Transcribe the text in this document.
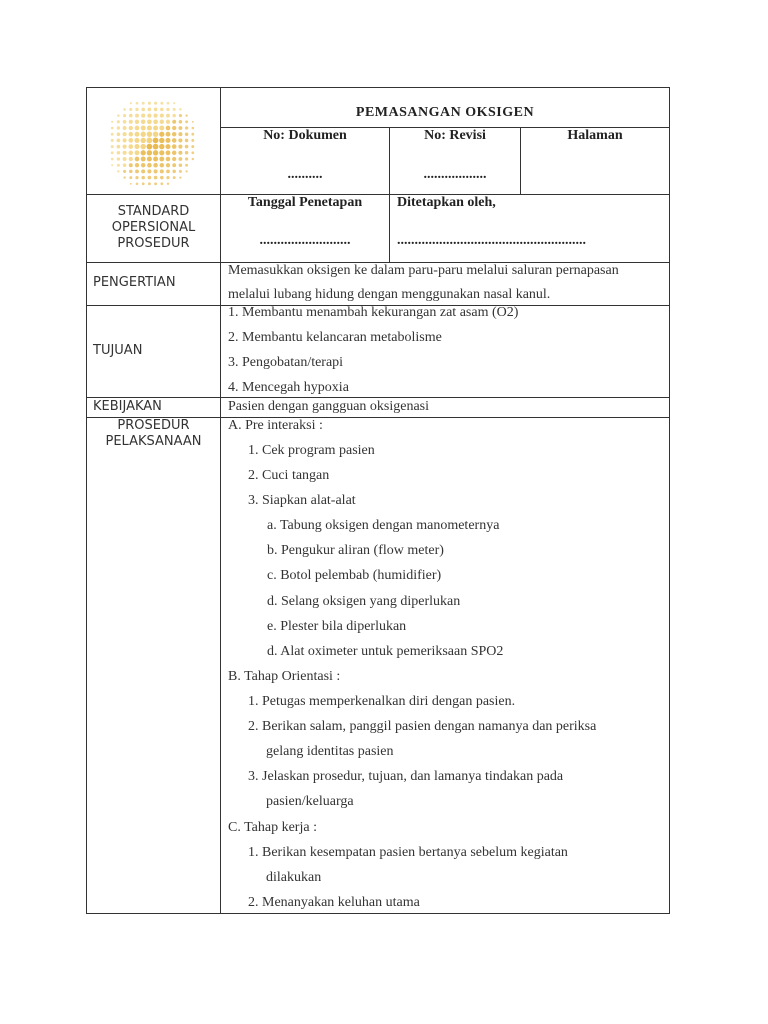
PEMASANGAN OKSIGEN
No: Dokumen
..........
No: Revisi
..................
Halaman
STANDARD
OPERSIONAL
PROSEDUR
Tanggal Penetapan
..........................
Ditetapkan oleh,
......................................................
PENGERTIAN
Memasukkan oksigen ke dalam paru-paru melalui saluran pernapasan
melalui lubang hidung dengan menggunakan nasal kanul.
TUJUAN
1. Membantu menambah kekurangan zat asam (O2)
2. Membantu kelancaran metabolisme
3. Pengobatan/terapi
4. Mencegah hypoxia
KEBIJAKAN	Pasien dengan gangguan oksigenasi
PROSEDUR
PELAKSANAAN
A. Pre interaksi :
1. Cek program pasien
2. Cuci tangan
3. Siapkan alat-alat
a. Tabung oksigen dengan manometernya
b. Pengukur aliran (flow meter)
c. Botol pelembab (humidifier)
d. Selang oksigen yang diperlukan
e. Plester bila diperlukan
d. Alat oximeter untuk pemeriksaan SPO2
B. Tahap Orientasi :
1. Petugas memperkenalkan diri dengan pasien.
2. Berikan salam, panggil pasien dengan namanya dan periksa
gelang identitas pasien
3. Jelaskan prosedur, tujuan, dan lamanya tindakan pada
pasien/keluarga
C. Tahap kerja :
1. Berikan kesempatan pasien bertanya sebelum kegiatan
dilakukan
2. Menanyakan keluhan utama
